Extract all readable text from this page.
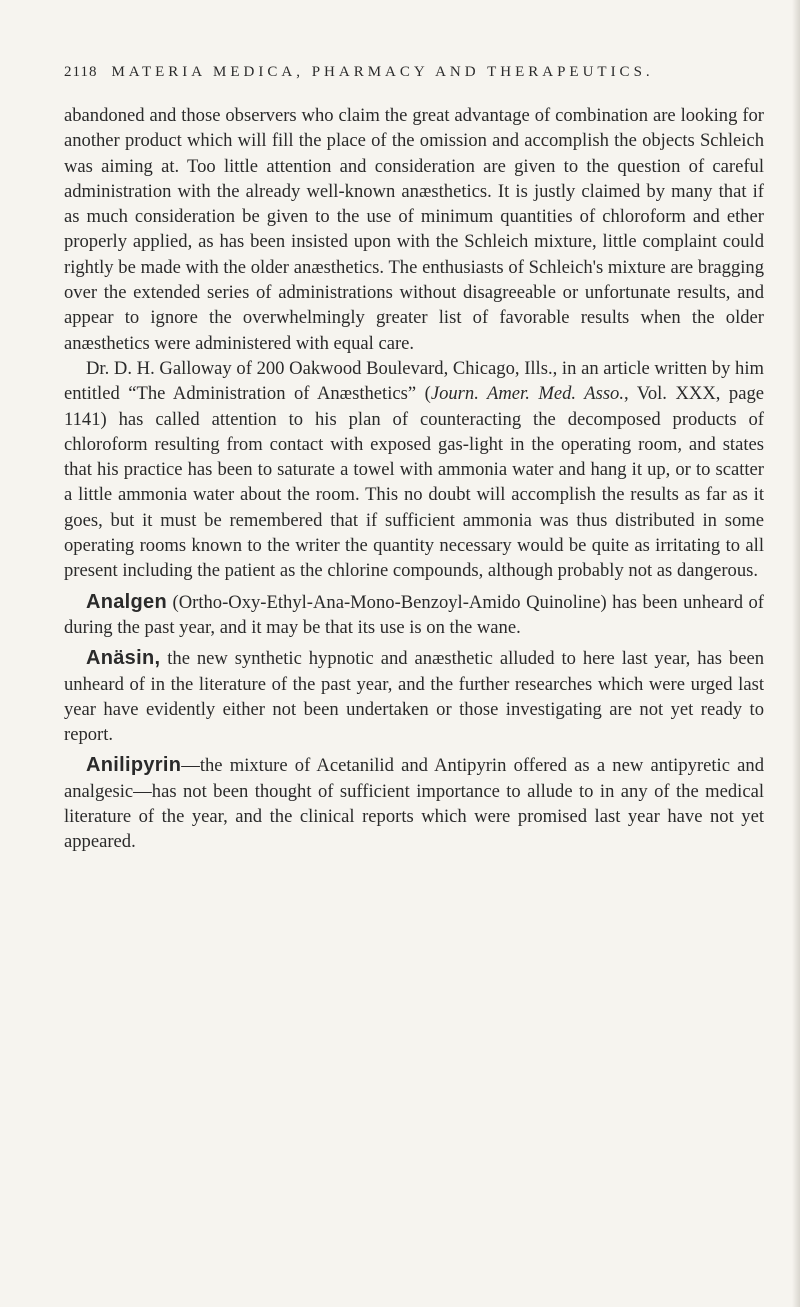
2118 MATERIA MEDICA, PHARMACY AND THERAPEUTICS.

abandoned and those observers who claim the great advantage of combination are looking for another product which will fill the place of the omission and accomplish the objects Schleich was aiming at. Too little attention and consideration are given to the question of careful administration with the already well-known anæsthetics. It is justly claimed by many that if as much consideration be given to the use of minimum quantities of chloroform and ether properly applied, as has been insisted upon with the Schleich mixture, little complaint could rightly be made with the older anæsthetics. The enthusiasts of Schleich's mixture are bragging over the extended series of administrations without disagreeable or unfortunate results, and appear to ignore the overwhelmingly greater list of favorable results when the older anæsthetics were administered with equal care.

Dr. D. H. Galloway of 200 Oakwood Boulevard, Chicago, Ills., in an article written by him entitled “The Administration of Anæsthetics” (Journ. Amer. Med. Asso., Vol. XXX, page 1141) has called attention to his plan of counteracting the decomposed products of chloroform resulting from contact with exposed gas-light in the operating room, and states that his practice has been to saturate a towel with ammonia water and hang it up, or to scatter a little ammonia water about the room. This no doubt will accomplish the results as far as it goes, but it must be remembered that if sufficient ammonia was thus distributed in some operating rooms known to the writer the quantity necessary would be quite as irritating to all present including the patient as the chlorine compounds, although probably not as dangerous.

Analgen (Ortho-Oxy-Ethyl-Ana-Mono-Benzoyl-Amido Quinoline) has been unheard of during the past year, and it may be that its use is on the wane.

Anäsin, the new synthetic hypnotic and anæsthetic alluded to here last year, has been unheard of in the literature of the past year, and the further researches which were urged last year have evidently either not been undertaken or those investigating are not yet ready to report.

Anilipyrin—the mixture of Acetanilid and Antipyrin offered as a new antipyretic and analgesic—has not been thought of sufficient importance to allude to in any of the medical literature of the year, and the clinical reports which were promised last year have not yet appeared.
